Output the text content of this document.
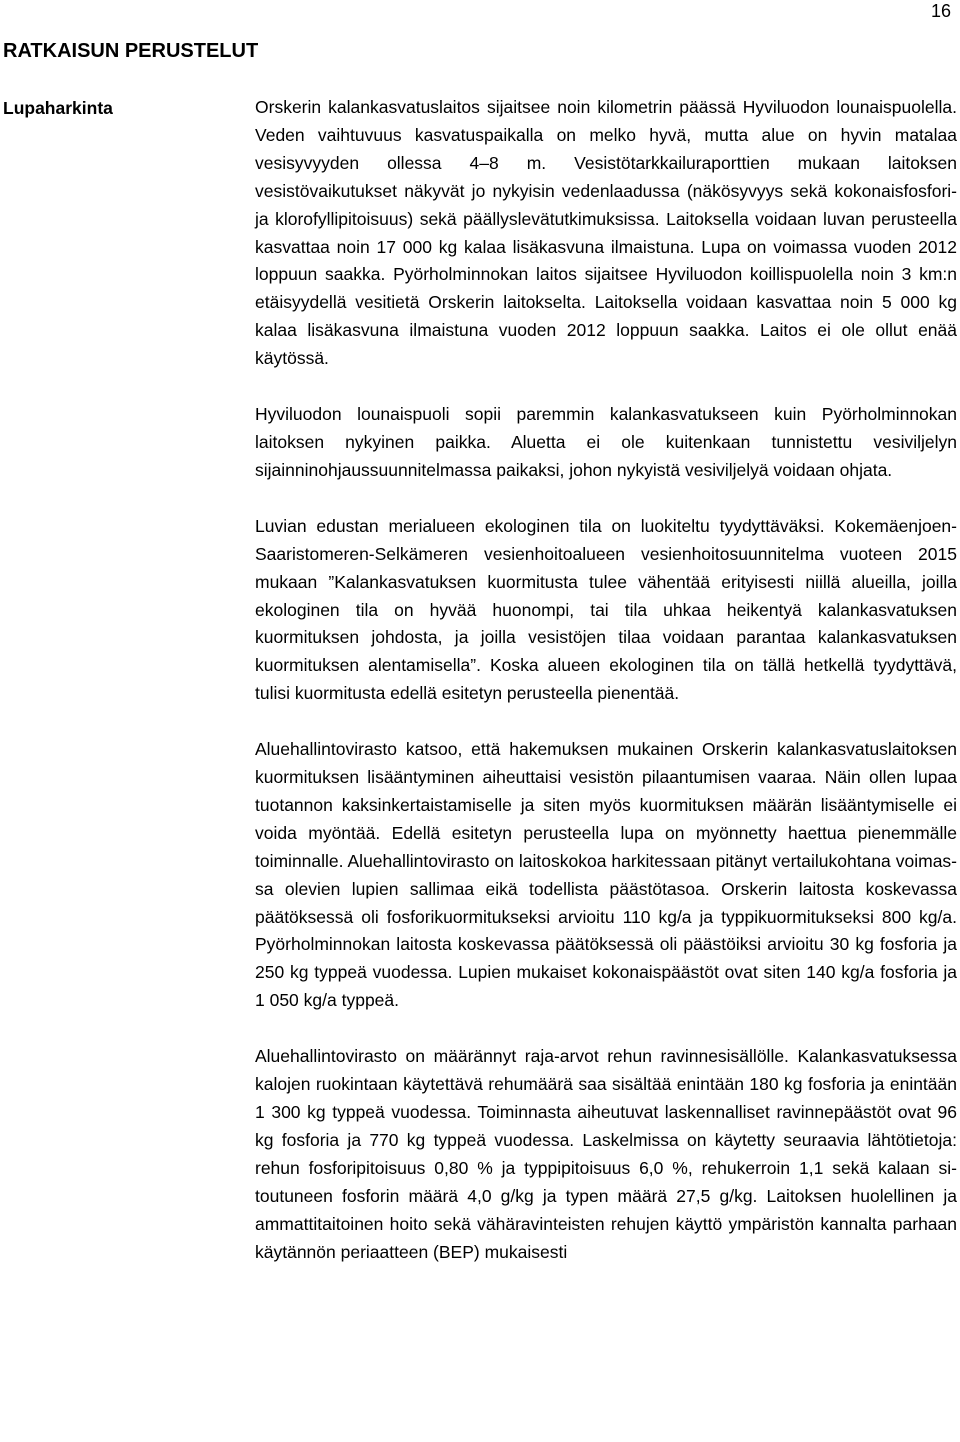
16
RATKAISUN PERUSTELUT
Lupaharkinta	Orskerin kalankasvatuslaitos sijaitsee noin kilometrin päässä Hyviluodon lounaispuolella. Veden vaihtuvuus kasvatuspaikalla on melko hyvä, mutta alue on hyvin matalaa vesisyvyyden ollessa 4–8 m. Vesistötarkkailuraporttien mukaan laitoksen vesistövaikutukset näkyvät jo nykyisin vedenlaadussa (näkösyvyys sekä kokonaisfosfori- ja klorofyllipitoisuus) sekä päällyslevätutkimuksissa. Laitoksella voidaan luvan perusteella kasvattaa noin 17 000 kg kalaa lisäkasvuna ilmaistuna. Lupa on voimassa vuoden 2012 loppuun saakka. Pyörholminnokan laitos sijaitsee Hyviluodon koillispuolella noin 3 km:n etäisyydellä vesitietä Orskerin laitokselta. Laitoksella voidaan kasvattaa noin 5 000 kg kalaa lisäkasvuna ilmaistuna vuoden 2012 loppuun saakka. Laitos ei ole ollut enää käytössä.

Hyviluodon lounaispuoli sopii paremmin kalankasvatukseen kuin Pyörholminnokan laitoksen nykyinen paikka. Aluetta ei ole kuitenkaan tunnistettu vesiviljelyn sijainninohjaussuunnitelmassa paikaksi, johon nykyistä vesiviljelyä voidaan ohjata.

Luvian edustan merialueen ekologinen tila on luokiteltu tyydyttäväksi. Kokemäenjoen-Saaristomeren-Selkämeren vesienhoitoalueen vesienhoitosuunnitelma vuoteen 2015 mukaan ”Kalankasvatuksen kuormitusta tulee vähentää erityisesti niillä alueilla, joilla ekologinen tila on hyvää huonompi, tai tila uhkaa heikentyä kalankasvatuksen kuormituksen johdosta, ja joilla vesistöjen tilaa voidaan parantaa kalankasvatuksen kuormituksen alentamisella”. Koska alueen ekologinen tila on tällä hetkellä tyydyttävä, tulisi kuormitusta edellä esitetyn perusteella pienentää.

Aluehallintovirasto katsoo, että hakemuksen mukainen Orskerin kalankasvatuslaitoksen kuormituksen lisääntyminen aiheuttaisi vesistön pilaantumisen vaaraa. Näin ollen lupaa tuotannon kaksinkertaistamiselle ja siten myös kuormituksen määrän lisääntymiselle ei voida myöntää. Edellä esitetyn perusteella lupa on myönnetty haettua pienemmälle toiminnalle. Aluehallintovirasto on laitoskokoa harkitessaan pitänyt vertailukohtana voimassa olevien lupien sallimaa eikä todellista päästötasoa. Orskerin laitosta koskevassa päätöksessä oli fosforikuormitukseksi arvioitu 110 kg/a ja typpikuormitukseksi 800 kg/a. Pyörholminnokan laitosta koskevassa päätöksessä oli päästöiksi arvioitu 30 kg fosforia ja 250 kg typpeä vuodessa. Lupien mukaiset kokonaispäästöt ovat siten 140 kg/a fosforia ja 1 050 kg/a typpeä.

Aluehallintovirasto on määrännyt raja-arvot rehun ravinnesisällölle. Kalankasvatuksessa kalojen ruokintaan käytettävä rehumäärä saa sisältää enintään 180 kg fosforia ja enintään 1 300 kg typpeä vuodessa. Toiminnasta aiheutuvat laskennalliset ravinnepäästöt ovat 96 kg fosforia ja 770 kg typpeä vuodessa. Laskelmissa on käytetty seuraavia lähtötietoja: rehun fosforipitoisuus 0,80 % ja typpipitoisuus 6,0 %, rehukerroin 1,1 sekä kalaan sitoutuneen fosforin määrä 4,0 g/kg ja typen määrä 27,5 g/kg. Laitoksen huolellinen ja ammattitaitoinen hoito sekä vähäravinteisten rehujen käyttö ympäristön kannalta parhaan käytännön periaatteen (BEP) mukaisesti
